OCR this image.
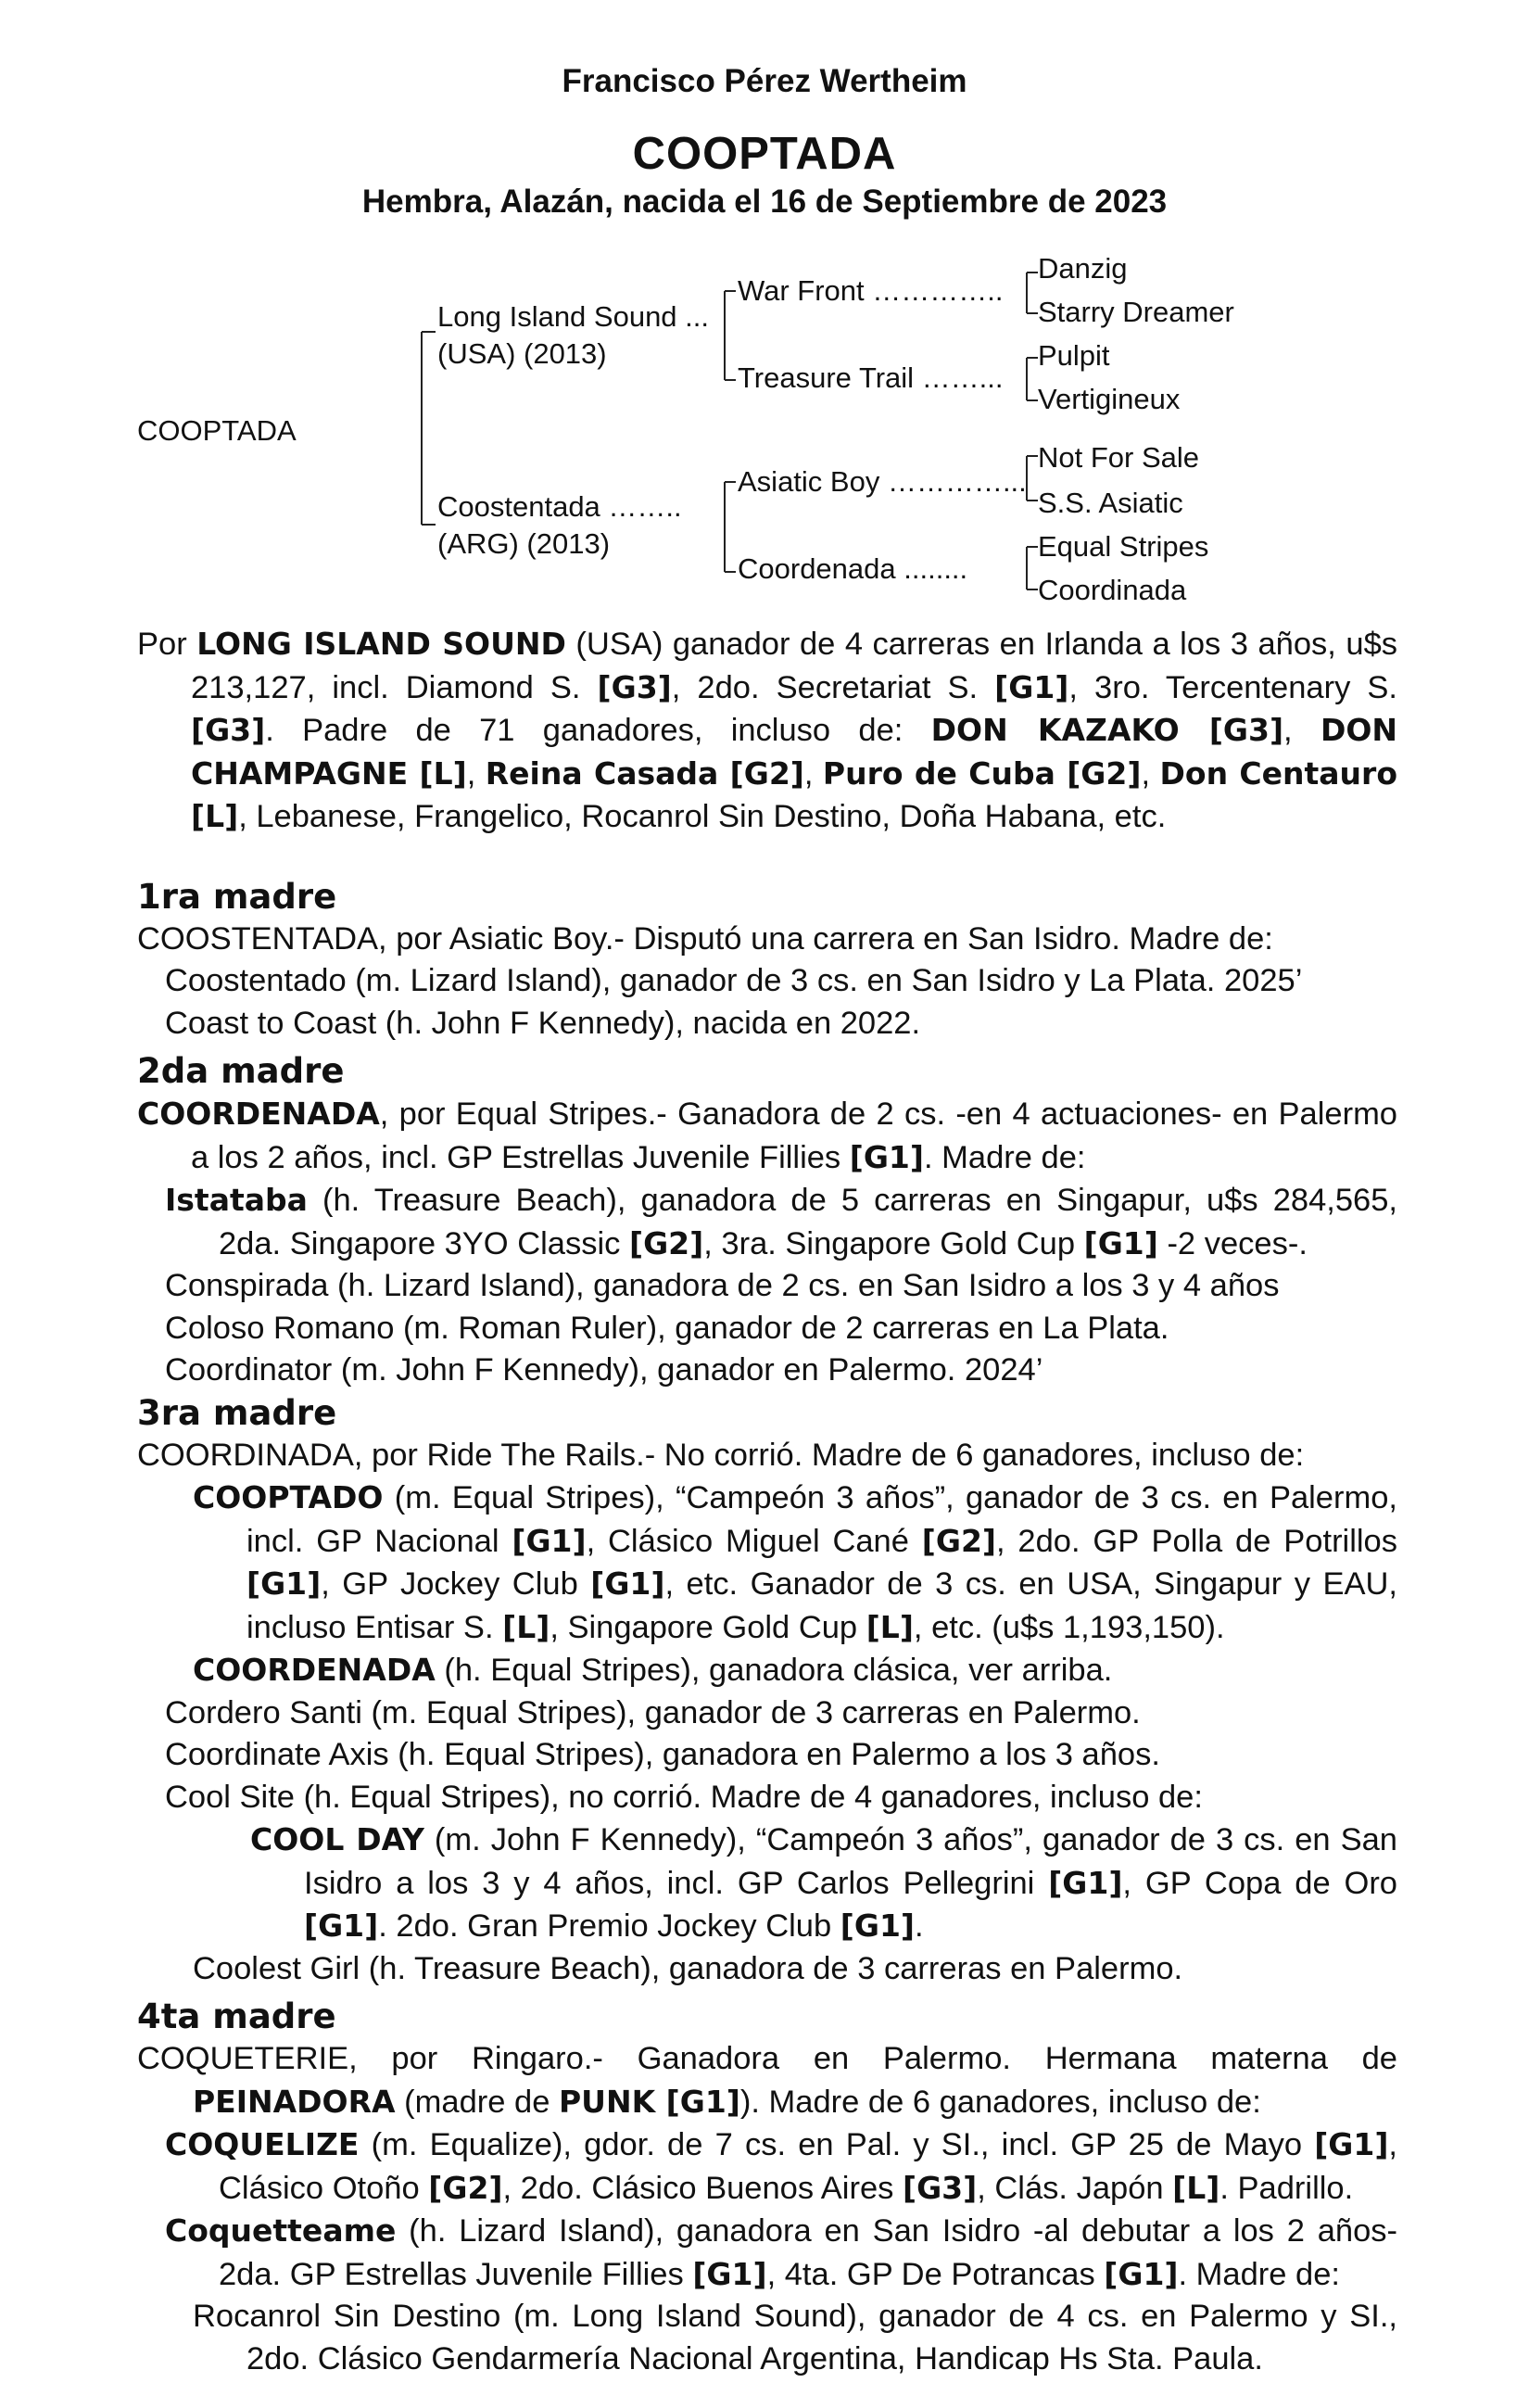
Francisco Pérez Wertheim
COOPTADA
Hembra, Alazán, nacida el 16 de Septiembre de 2023
COOPTADA
Long Island Sound ...
(USA) (2013)
Coostentada ……..
(ARG) (2013)
War Front …………..
Treasure Trail ……...
Asiatic Boy …………...
Coordenada ........
Danzig
Starry Dreamer
Pulpit
Vertigineux
Not For Sale
S.S. Asiatic
Equal Stripes
Coordinada

Por LONG ISLAND SOUND (USA) ganador de 4 carreras en Irlanda a los 3 años, u$s 213,127, incl. Diamond S. [G3], 2do. Secretariat S. [G1], 3ro. Tercentenary S. [G3]. Padre de 71 ganadores, incluso de: DON KAZAKO [G3], DON CHAMPAGNE [L], Reina Casada [G2], Puro de Cuba [G2], Don Centauro [L], Lebanese, Frangelico, Rocanrol Sin Destino, Doña Habana, etc.

1ra madre

COOSTENTADA, por Asiatic Boy.- Disputó una carrera en San Isidro. Madre de:

Coostentado (m. Lizard Island), ganador de 3 cs. en San Isidro y La Plata. 2025’

Coast to Coast (h. John F Kennedy), nacida en 2022.

2da madre

COORDENADA, por Equal Stripes.- Ganadora de 2 cs. -en 4 actuaciones- en Palermo a los 2 años, incl. GP Estrellas Juvenile Fillies [G1]. Madre de:

Istataba (h. Treasure Beach), ganadora de 5 carreras en Singapur, u$s 284,565, 2da. Singapore 3YO Classic [G2], 3ra. Singapore Gold Cup [G1] -2 veces-.

Conspirada (h. Lizard Island), ganadora de 2 cs. en San Isidro a los 3 y 4 años

Coloso Romano (m. Roman Ruler), ganador de 2 carreras en La Plata.

Coordinator (m. John F Kennedy), ganador en Palermo. 2024’

3ra madre

COORDINADA, por Ride The Rails.- No corrió. Madre de 6 ganadores, incluso de:

COOPTADO (m. Equal Stripes), “Campeón 3 años”, ganador de 3 cs. en Palermo, incl. GP Nacional [G1], Clásico Miguel Cané [G2], 2do. GP Polla de Potrillos [G1], GP Jockey Club [G1], etc. Ganador de 3 cs. en USA, Singapur y EAU, incluso Entisar S. [L], Singapore Gold Cup [L], etc. (u$s 1,193,150).

COORDENADA (h. Equal Stripes), ganadora clásica, ver arriba.

Cordero Santi (m. Equal Stripes), ganador de 3 carreras en Palermo.

Coordinate Axis (h. Equal Stripes), ganadora en Palermo a los 3 años.

Cool Site (h. Equal Stripes), no corrió. Madre de 4 ganadores, incluso de:

COOL DAY (m. John F Kennedy), “Campeón 3 años”, ganador de 3 cs. en San Isidro a los 3 y 4 años, incl. GP Carlos Pellegrini [G1], GP Copa de Oro [G1]. 2do. Gran Premio Jockey Club [G1].

Coolest Girl (h. Treasure Beach), ganadora de 3 carreras en Palermo.

4ta madre

COQUETERIE, por Ringaro.- Ganadora en Palermo. Hermana materna de PEINADORA (madre de PUNK [G1]). Madre de 6 ganadores, incluso de:

COQUELIZE (m. Equalize), gdor. de 7 cs. en Pal. y SI., incl. GP 25 de Mayo [G1], Clásico Otoño [G2], 2do. Clásico Buenos Aires [G3], Clás. Japón [L]. Padrillo.

Coquetteame (h. Lizard Island), ganadora en San Isidro -al debutar a los 2 años- 2da. GP Estrellas Juvenile Fillies [G1], 4ta. GP De Potrancas [G1]. Madre de:

Rocanrol Sin Destino (m. Long Island Sound), ganador de 4 cs. en Palermo y SI., 2do. Clásico Gendarmería Nacional Argentina, Handicap Hs Sta. Paula.
